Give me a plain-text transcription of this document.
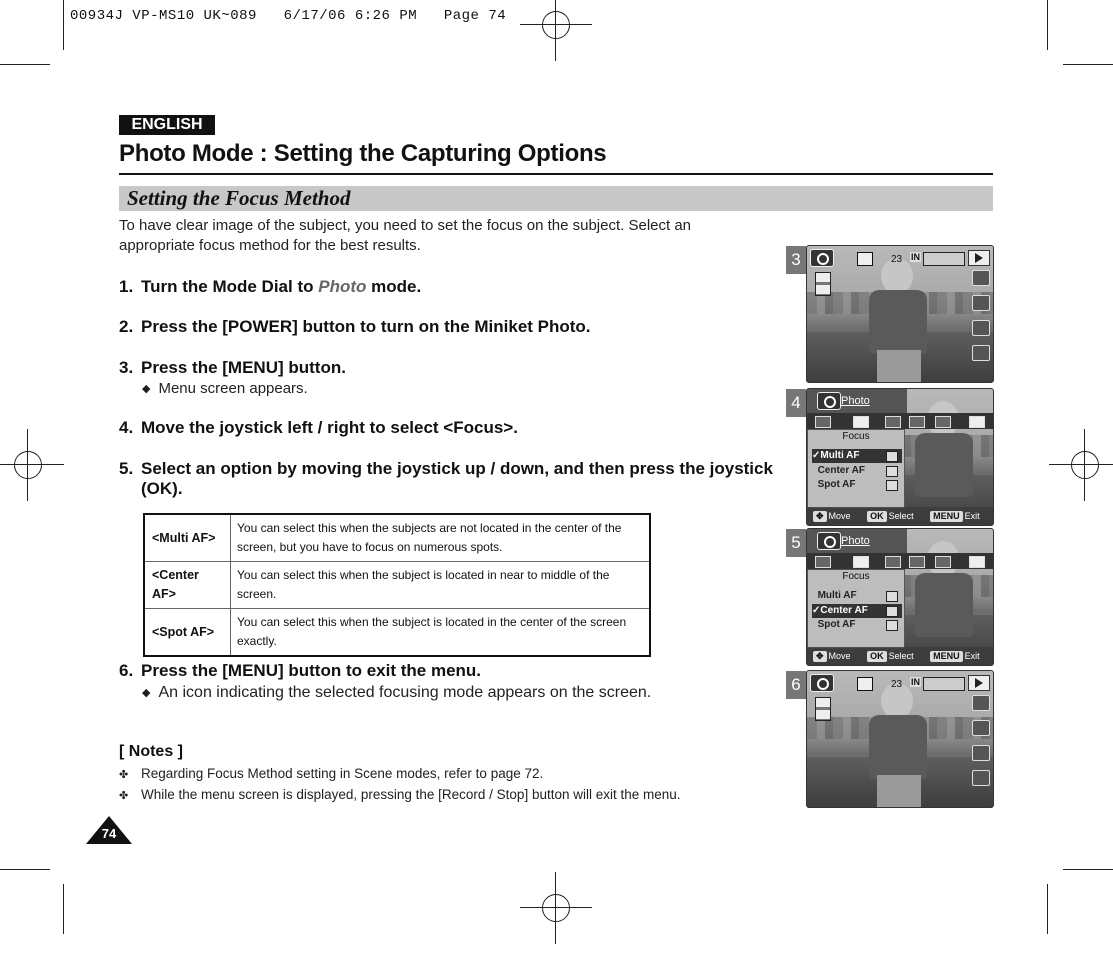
00934J VP-MS10 UK~089   6/17/06 6:26 PM   Page 74
ENGLISH
Photo Mode : Setting the Capturing Options
Setting the Focus Method
To have clear image of the subject, you need to set the focus on the subject. Select an appropriate focus method for the best results.
1. Turn the Mode Dial to Photo mode.
2. Press the [POWER] button to turn on the Miniket Photo.
3. Press the [MENU] button.
◆ Menu screen appears.
4. Move the joystick left / right to select <Focus>.
5. Select an option by moving the joystick up / down, and then press the joystick
(OK).
<Multi AF>	You can select this when the subjects are not located in the center of the screen, but you have to focus on numerous spots.
<Center AF>	You can select this when the subject is located in near to middle of the screen.
<Spot AF>	You can select this when the subject is located in the center of the screen exactly.
6. Press the [MENU] button to exit the menu.
◆ An icon indicating the selected focusing mode appears on the screen.
[ Notes ]
✤ Regarding Focus Method setting in Scene modes, refer to page 72.
✤ While the menu screen is displayed, pressing the [Record / Stop] button will exit the menu.
74
3	23
IN
4	Photo
Focus
✓Multi AF
Center AF
Spot AF
✥ Move OK Select MENU Exit
5	Photo
Focus
Multi AF
✓Center AF
Spot AF
✥ Move OK Select MENU Exit
6	23
IN
